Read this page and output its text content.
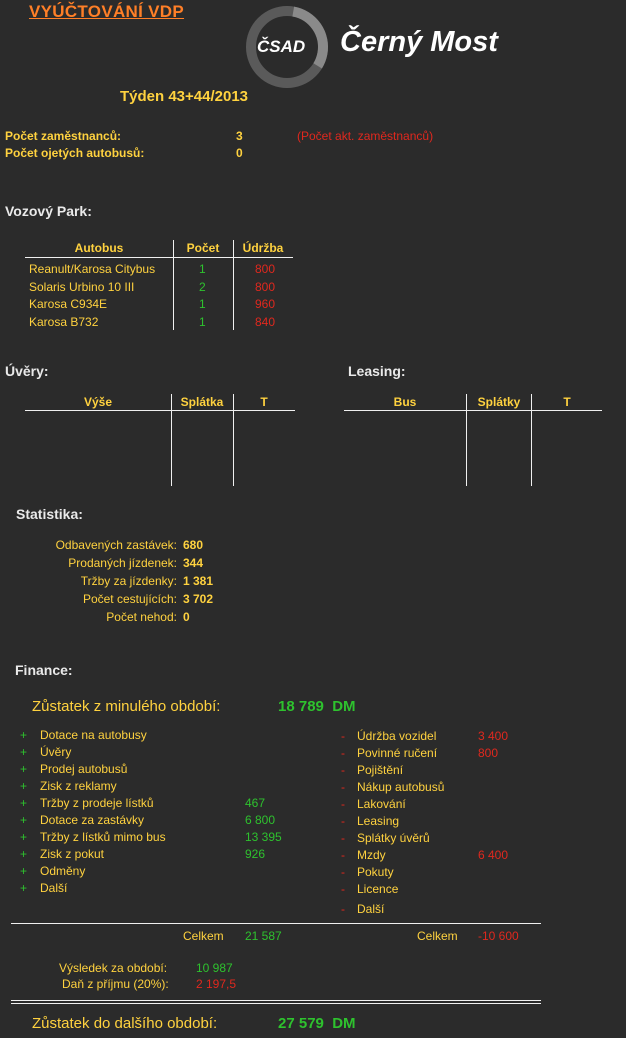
VYÚČTOVÁNÍ VDP
ČSAD Černý Most
Týden 43+44/2013
Počet zaměstnanců:	3	(Počet akt. zaměstnanců)
Počet ojetých autobusů:	0
Vozový Park:
Autobus	Počet	Údržba
Reanult/Karosa Citybus	1	800
Solaris Urbino 10 III	2	800
Karosa C934E	1	960
Karosa B732	1	840
Úvěry:
Výše	Splátka	T
Leasing:
Bus	Splátky	T
Statistika:
Odbavených zastávek: 680
Prodaných jízdenek: 344
Tržby za jízdenky: 1 381
Počet cestujících: 3 702
Počet nehod: 0
Finance:
Zůstatek z minulého období:	18 789  DM
+ Dotace na autobusy
+ Úvěry
+ Prodej autobusů
+ Zisk z reklamy
+ Tržby z prodeje lístků	467
+ Dotace za zastávky	6 800
+ Tržby z lístků mimo bus	13 395
+ Zisk z pokut	926
+ Odměny
+ Další
- Údržba vozidel	3 400
- Povinné ručení	800
- Pojištění
- Nákup autobusů
- Lakování
- Leasing
- Splátky úvěrů
- Mzdy	6 400
- Pokuty
- Licence
- Další
Celkem 21 587	Celkem -10 600
Výsledek za období: 10 987
Daň z příjmu (20%): 2 197,5
Zůstatek do dalšího období:	27 579  DM
